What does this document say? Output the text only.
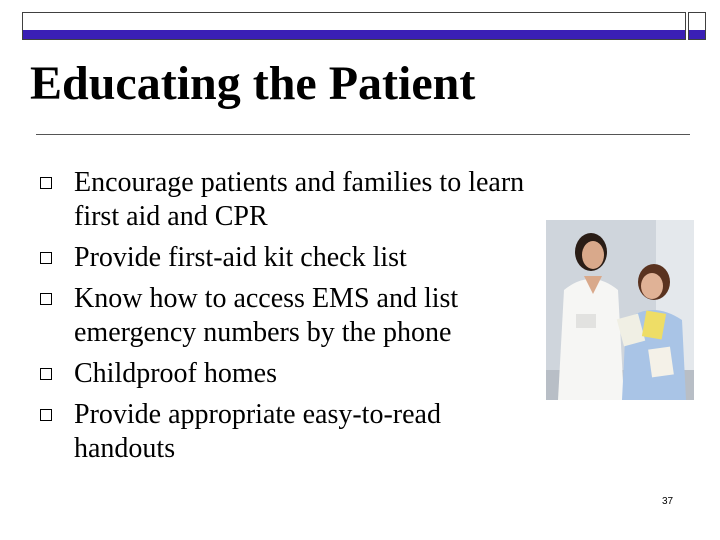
Educating the Patient
Encourage patients and families to learn first aid and CPR
Provide first-aid kit check list
Know how to access EMS and list emergency numbers by the phone
Childproof homes
Provide appropriate easy-to-read handouts
37
